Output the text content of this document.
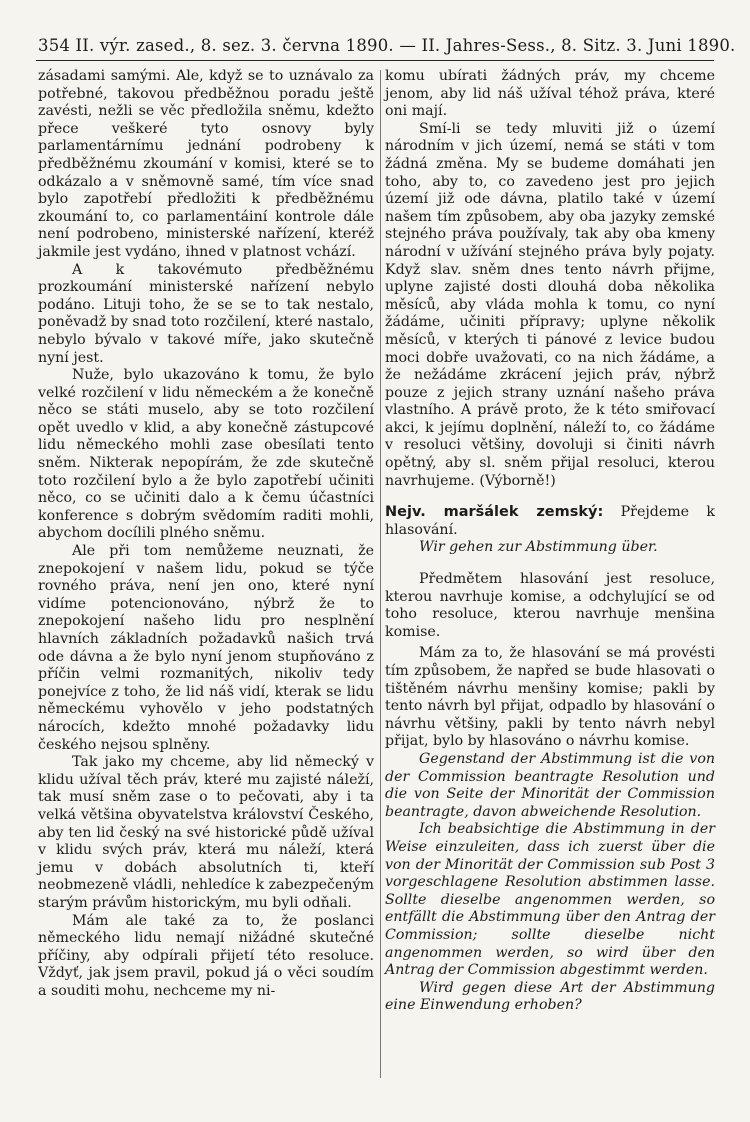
354 II. výr. zased., 8. sez. 3. června 1890. — II. Jahres-Sess., 8. Sitz. 3. Juni 1890.

zásadami samými. Ale, když se to uznávalo za potřebné, takovou předběžnou poradu ještě zavésti, nežli se věc předložila sněmu, kdežto přece veškeré tyto osnovy byly parlamentárnímu jednání podrobeny k předběžnému zkoumání v komisi, které se to odkázalo a v sněmovně samé, tím více snad bylo zapotřebí předložiti k předběžnému zkoumání to, co parlamentáiní kontrole dále není podrobeno, ministerské nařízení, kteréž jakmile jest vydáno, ihned v platnost vchází.

A k takovémuto předběžnému prozkoumání ministerské nařízení nebylo podáno. Lituji toho, že se se to tak nestalo, poněvadž by snad toto rozčilení, které nastalo, nebylo bývalo v takové míře, jako skutečně nyní jest.

Nuže, bylo ukazováno k tomu, že bylo velké rozčilení v lidu německém a že konečně něco se státi muselo, aby se toto rozčilení opět uvedlo v klid, a aby konečně zástupcové lidu německého mohli zase obesílati tento sněm. Nikterak nepopírám, že zde skutečně toto rozčilení bylo a že bylo zapotřebí učiniti něco, co se učiniti dalo a k čemu účastníci konference s dobrým svědomím raditi mohli, abychom docílili plného sněmu.

Ale při tom nemůžeme neuznati, že znepokojení v našem lidu, pokud se týče rovného práva, není jen ono, které nyní vidíme potencionováno, nýbrž že to znepokojení našeho lidu pro nesplnění hlavních základních požadavků našich trvá ode dávna a že bylo nyní jenom stupňováno z příčin velmi rozmanitých, nikoliv tedy ponejvíce z toho, že lid náš vidí, kterak se lidu německému vyhovělo v jeho podstatných nárocích, kdežto mnohé požadavky lidu českého nejsou splněny.

Tak jako my chceme, aby lid německý v klidu užíval těch práv, které mu zajisté náleží, tak musí sněm zase o to pečovati, aby i ta velká většina obyvatelstva království Českého, aby ten lid český na své historické půdě užíval v klidu svých práv, která mu náleží, která jemu v dobách absolutních ti, kteří neobmezeně vládli, nehledíce k zabezpečeným starým právům historickým, mu byli odňali.

Mám ale také za to, že poslanci německého lidu nemají nižádné skutečné příčiny, aby odpírali přijetí této resoluce. Vždyť, jak jsem pravil, pokud já o věci soudím a souditi mohu, nechceme my ni-

komu ubírati žádných práv, my chceme jenom, aby lid náš užíval téhož práva, které oni mají.

Smí-li se tedy mluviti již o území národním v jich území, nemá se státi v tom žádná změna. My se budeme domáhati jen toho, aby to, co zavedeno jest pro jejich území již ode dávna, platilo také v území našem tím způsobem, aby oba jazyky zemské stejného práva používaly, tak aby oba kmeny národní v užívání stejného práva byly pojaty. Když slav. sněm dnes tento návrh přijme, uplyne zajisté dosti dlouhá doba několika měsíců, aby vláda mohla k tomu, co nyní žádáme, učiniti přípravy; uplyne několik měsíců, v kterých ti pánové z levice budou moci dobře uvažovati, co na nich žádáme, a že nežádáme zkrácení jejich práv, nýbrž pouze z jejich strany uznání našeho práva vlastního. A právě proto, že k této smiřovací akci, k jejímu doplnění, náleží to, co žádáme v resoluci většiny, dovoluji si činiti návrh opětný, aby sl. sněm přijal resoluci, kterou navrhujeme. (Výborně!)

Nejv. maršálek zemský: Přejdeme k hlasování.

Wir gehen zur Abstimmung über.

Předmětem hlasování jest resoluce, kterou navrhuje komise, a odchylující se od toho resoluce, kterou navrhuje menšina komise.

Mám za to, že hlasování se má provésti tím způsobem, že napřed se bude hlasovati o tištěném návrhu menšiny komise; pakli by tento návrh byl přijat, odpadlo by hlasování o návrhu většiny, pakli by tento návrh nebyl přijat, bylo by hlasováno o návrhu komise.

Gegenstand der Abstimmung ist die von der Commission beantragte Resolution und die von Seite der Minorität der Commission beantragte, davon abweichende Resolution.

Ich beabsichtige die Abstimmung in der Weise einzuleiten, dass ich zuerst über die von der Minorität der Commission sub Post 3 vorgeschlagene Resolution abstimmen lasse. Sollte dieselbe angenommen werden, so entfällt die Abstimmung über den Antrag der Commission; sollte dieselbe nicht angenommen werden, so wird über den Antrag der Commission abgestimmt werden.

Wird gegen diese Art der Abstimmung eine Einwendung erhoben?
